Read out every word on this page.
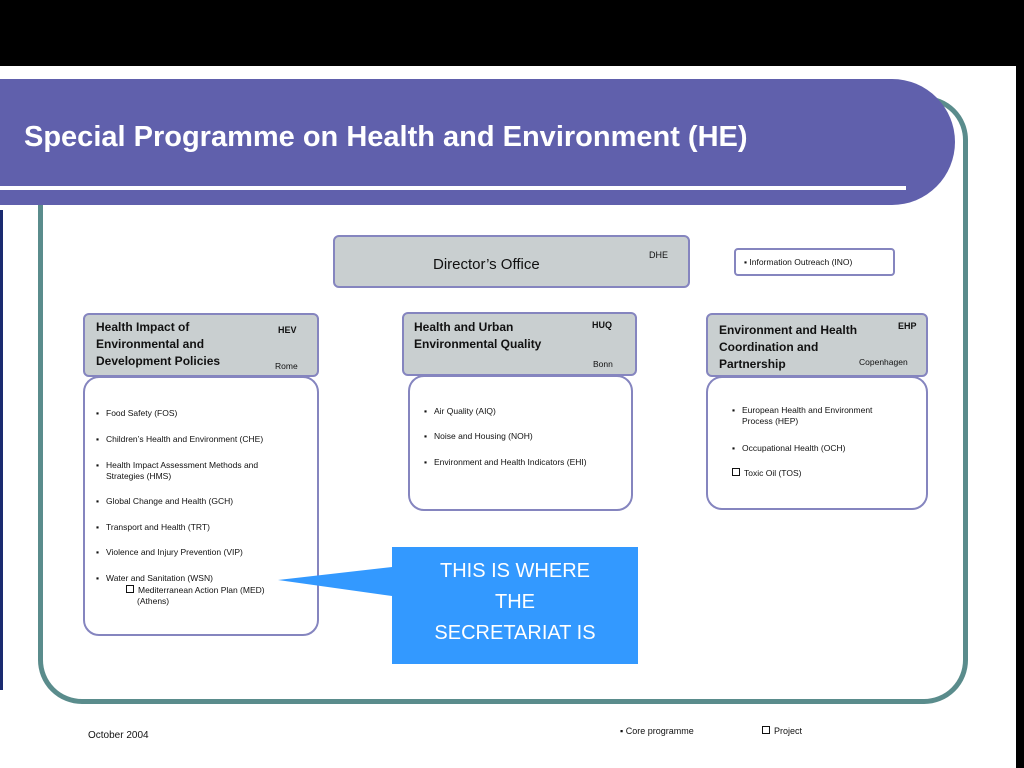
Special Programme on Health and Environment (HE)
Director’s Office
DHE
▪ Information Outreach (INO)
Health Impact of
Environmental and
Development Policies
HEV
Rome
▪ Food Safety (FOS)
▪ Children’s Health and Environment (CHE)
▪ Health Impact Assessment Methods and
Strategies (HMS)
▪ Global Change and Health (GCH)
▪ Transport and Health (TRT)
▪ Violence and Injury Prevention (VIP)
▪ Water and Sanitation (WSN)
Mediterranean Action Plan (MED)
(Athens)
Health and Urban
Environmental Quality
HUQ
Bonn
▪ Air Quality (AIQ)
▪ Noise and Housing (NOH)
▪ Environment and Health Indicators (EHI)
Environment and Health
Coordination and
Partnership
EHP
Copenhagen
▪ European Health and Environment
Process (HEP)
▪ Occupational Health (OCH)
Toxic Oil (TOS)
THIS IS WHERE
THE
SECRETARIAT IS
October 2004	▪ Core programme	Project
